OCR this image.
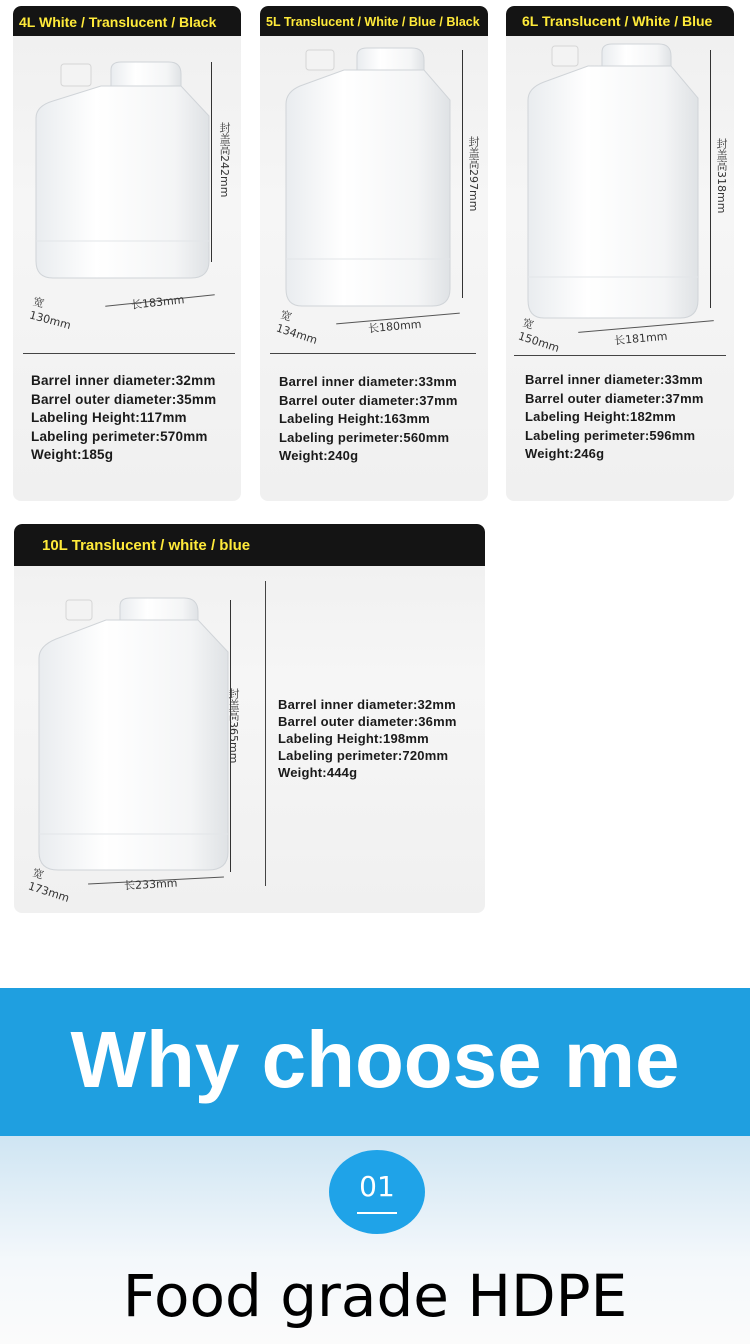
4L White / Translucent / Black
封盖高242mm
宽 130mm
长183mm
Barrel inner diameter:32mm
Barrel outer diameter:35mm
Labeling Height:117mm
Labeling perimeter:570mm
Weight:185g
5L Translucent / White / Blue / Black
封盖高297mm
宽 134mm	长180mm
Barrel inner diameter:33mm
Barrel outer diameter:37mm
Labeling Height:163mm
Labeling perimeter:560mm
Weight:240g
6L Translucent / White / Blue
封盖高318mm
宽 150mm	长181mm
Barrel inner diameter:33mm
Barrel outer diameter:37mm
Labeling Height:182mm
Labeling perimeter:596mm
Weight:246g
10L Translucent / white / blue
封盖高365mm
宽 173mm	长233mm
Barrel inner diameter:32mm
Barrel outer diameter:36mm
Labeling Height:198mm
Labeling perimeter:720mm
Weight:444g
Why choose me
01
Food grade HDPE
